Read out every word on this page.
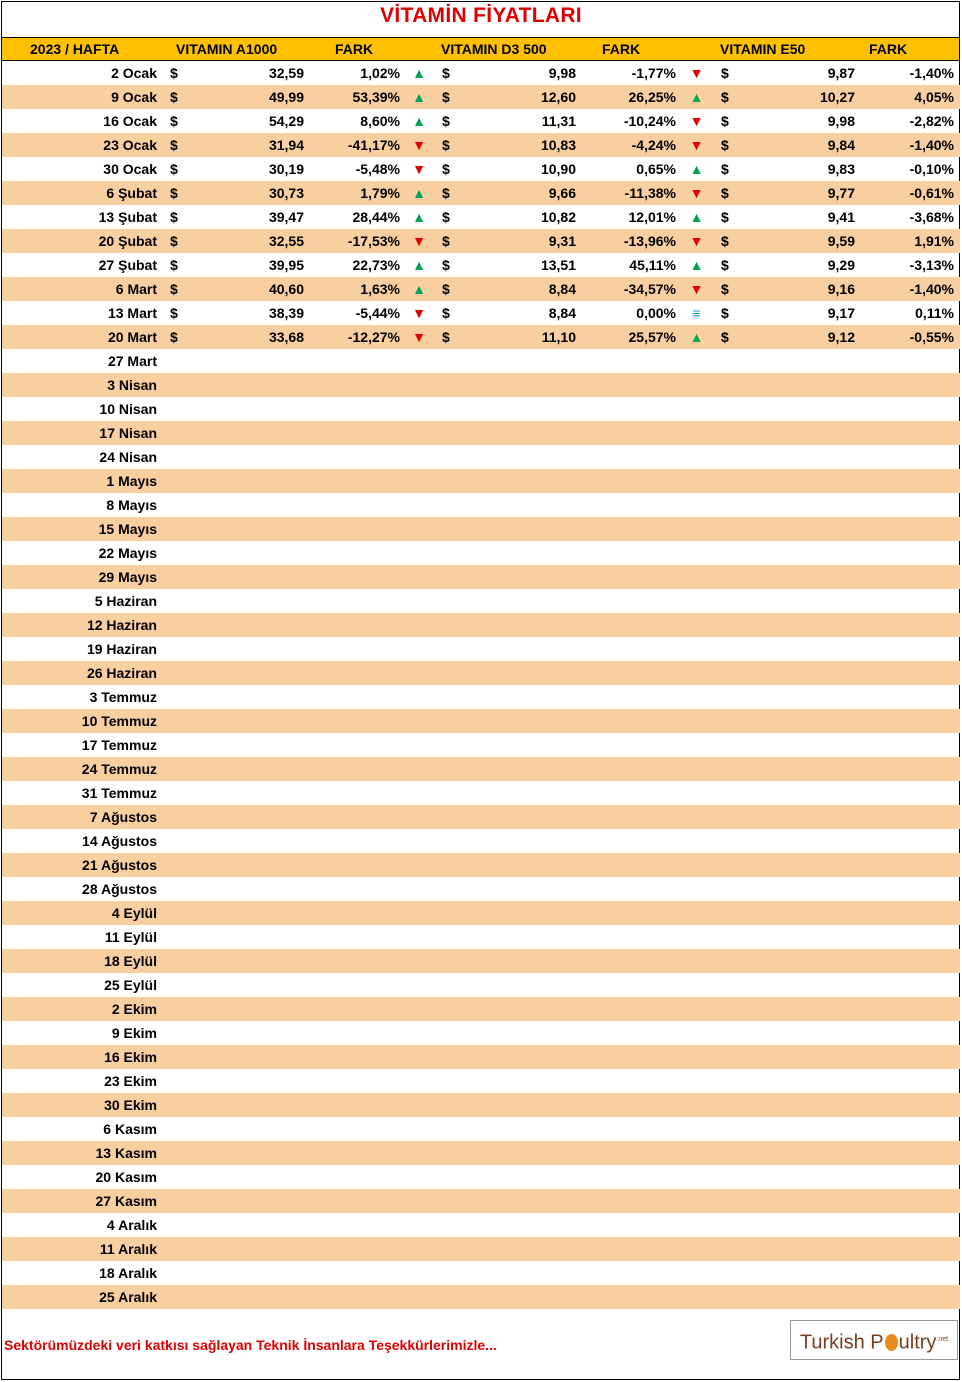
VİTAMİN FİYATLARI
2023 / HAFTA	VITAMIN A1000	FARK	VITAMIN D3 500	FARK	VITAMIN E50	FARK
2 Ocak	$	32,59	1,02%	▲	$	9,98	-1,77%	▼	$	9,87	-1,40%	
9 Ocak	$	49,99	53,39%	▲	$	12,60	26,25%	▲	$	10,27	4,05%	
16 Ocak	$	54,29	8,60%	▲	$	11,31	-10,24%	▼	$	9,98	-2,82%	
23 Ocak	$	31,94	-41,17%	▼	$	10,83	-4,24%	▼	$	9,84	-1,40%	
30 Ocak	$	30,19	-5,48%	▼	$	10,90	0,65%	▲	$	9,83	-0,10%	
6 Şubat	$	30,73	1,79%	▲	$	9,66	-11,38%	▼	$	9,77	-0,61%	
13 Şubat	$	39,47	28,44%	▲	$	10,82	12,01%	▲	$	9,41	-3,68%	
20 Şubat	$	32,55	-17,53%	▼	$	9,31	-13,96%	▼	$	9,59	1,91%	
27 Şubat	$	39,95	22,73%	▲	$	13,51	45,11%	▲	$	9,29	-3,13%	
6 Mart	$	40,60	1,63%	▲	$	8,84	-34,57%	▼	$	9,16	-1,40%	
13 Mart	$	38,39	-5,44%	▼	$	8,84	0,00%	≡	$	9,17	0,11%	
20 Mart	$	33,68	-12,27%	▼	$	11,10	25,57%	▲	$	9,12	-0,55%	
27 Mart												
3 Nisan												
10 Nisan												
17 Nisan												
24 Nisan												
1 Mayıs												
8 Mayıs												
15 Mayıs												
22 Mayıs												
29 Mayıs												
5 Haziran												
12 Haziran												
19 Haziran												
26 Haziran												
3 Temmuz												
10 Temmuz												
17 Temmuz												
24 Temmuz												
31 Temmuz												
7 Ağustos												
14 Ağustos												
21 Ağustos												
28 Ağustos												
4 Eylül												
11 Eylül												
18 Eylül												
25 Eylül												
2 Ekim												
9 Ekim												
16 Ekim												
23 Ekim												
30 Ekim												
6 Kasım												
13 Kasım												
20 Kasım												
27 Kasım												
4 Aralık												
11 Aralık												
18 Aralık												
25 Aralık												
Sektörümüzdeki veri katkısı sağlayan Teknik İnsanlara Teşekkürlerimizle...	Turkish P ultry$^{.net}$
